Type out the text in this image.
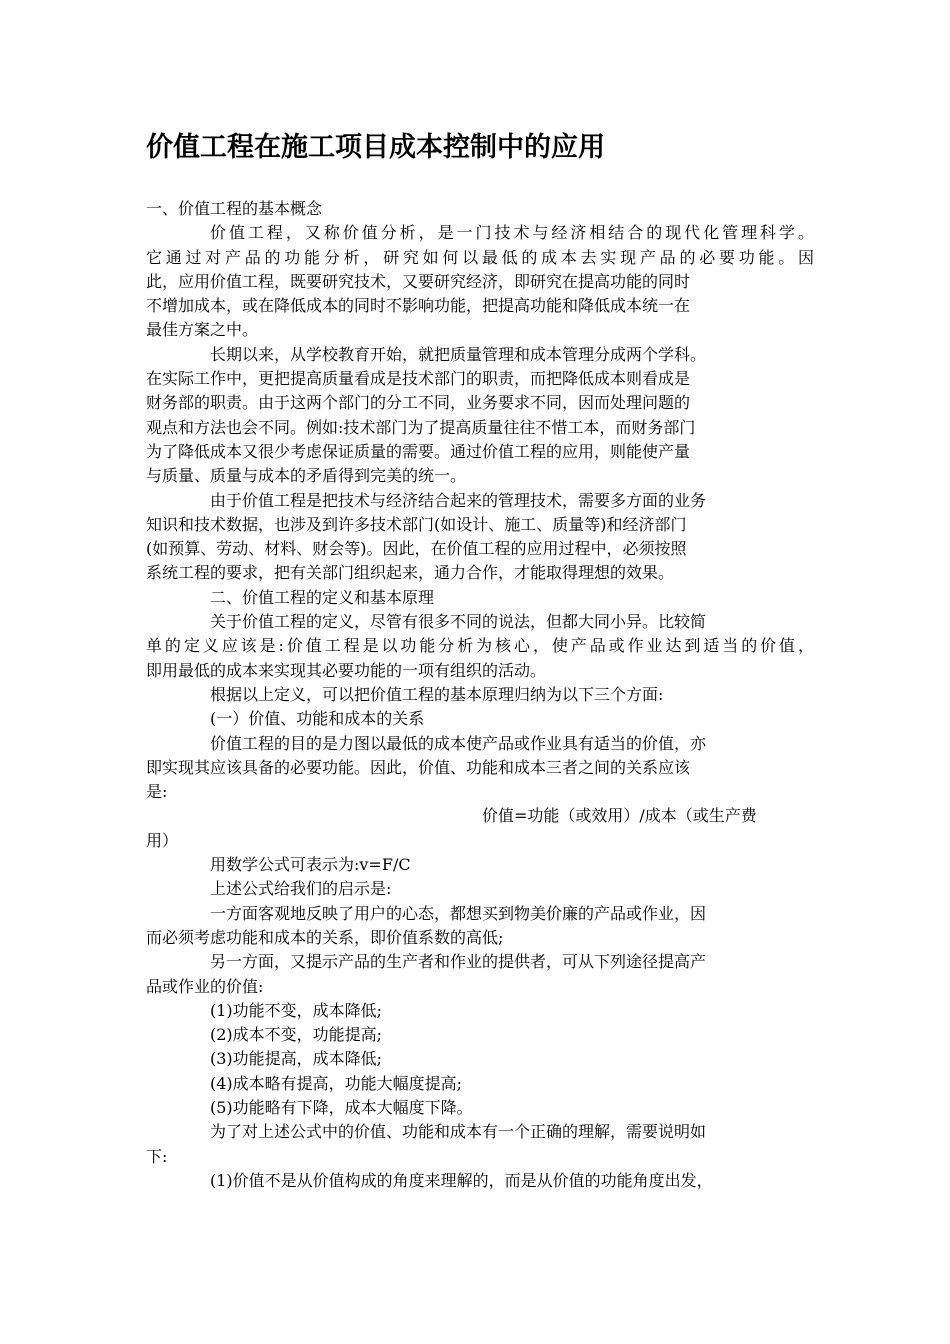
价值工程在施工项目成本控制中的应用
一、价值工程的基本概念
价值工程，又称价值分析，是一门技术与经济相结合的现代化管理科学。
它通过对产品的功能分析，研究如何以最低的成本去实现产品的必要功能。因
此，应用价值工程，既要研究技术，又要研究经济，即研究在提高功能的同时
不增加成本，或在降低成本的同时不影响功能，把提高功能和降低成本统一在
最佳方案之中。
长期以来，从学校教育开始，就把质量管理和成本管理分成两个学科。
在实际工作中，更把提高质量看成是技术部门的职责，而把降低成本则看成是
财务部的职责。由于这两个部门的分工不同，业务要求不同，因而处理问题的
观点和方法也会不同。例如:技术部门为了提高质量往往不惜工本，而财务部门
为了降低成本又很少考虑保证质量的需要。通过价值工程的应用，则能使产量
与质量、质量与成本的矛盾得到完美的统一。
由于价值工程是把技术与经济结合起来的管理技术，需要多方面的业务
知识和技术数据，也涉及到许多技术部门(如设计、施工、质量等)和经济部门
(如预算、劳动、材料、财会等)。因此，在价值工程的应用过程中，必须按照
系统工程的要求，把有关部门组织起来，通力合作，才能取得理想的效果。
二、价值工程的定义和基本原理
关于价值工程的定义，尽管有很多不同的说法，但都大同小异。比较简
单的定义应该是:价值工程是以功能分析为核心，使产品或作业达到适当的价值，
即用最低的成本来实现其必要功能的一项有组织的活动。
根据以上定义，可以把价值工程的基本原理归纳为以下三个方面:
(一）价值、功能和成本的关系
价值工程的目的是力图以最低的成本使产品或作业具有适当的价值，亦
即实现其应该具备的必要功能。因此，价值、功能和成本三者之间的关系应该
是:
价值=功能（或效用）/成本（或生产费
用）
用数学公式可表示为:v=F/C
上述公式给我们的启示是:
一方面客观地反映了用户的心态，都想买到物美价廉的产品或作业，因
而必须考虑功能和成本的关系，即价值系数的高低;
另一方面，又提示产品的生产者和作业的提供者，可从下列途径提高产
品或作业的价值:
(1)功能不变，成本降低;
(2)成本不变，功能提高;
(3)功能提高，成本降低;
(4)成本略有提高，功能大幅度提高;
(5)功能略有下降，成本大幅度下降。
为了对上述公式中的价值、功能和成本有一个正确的理解，需要说明如
下:
(1)价值不是从价值构成的角度来理解的，而是从价值的功能角度出发，
